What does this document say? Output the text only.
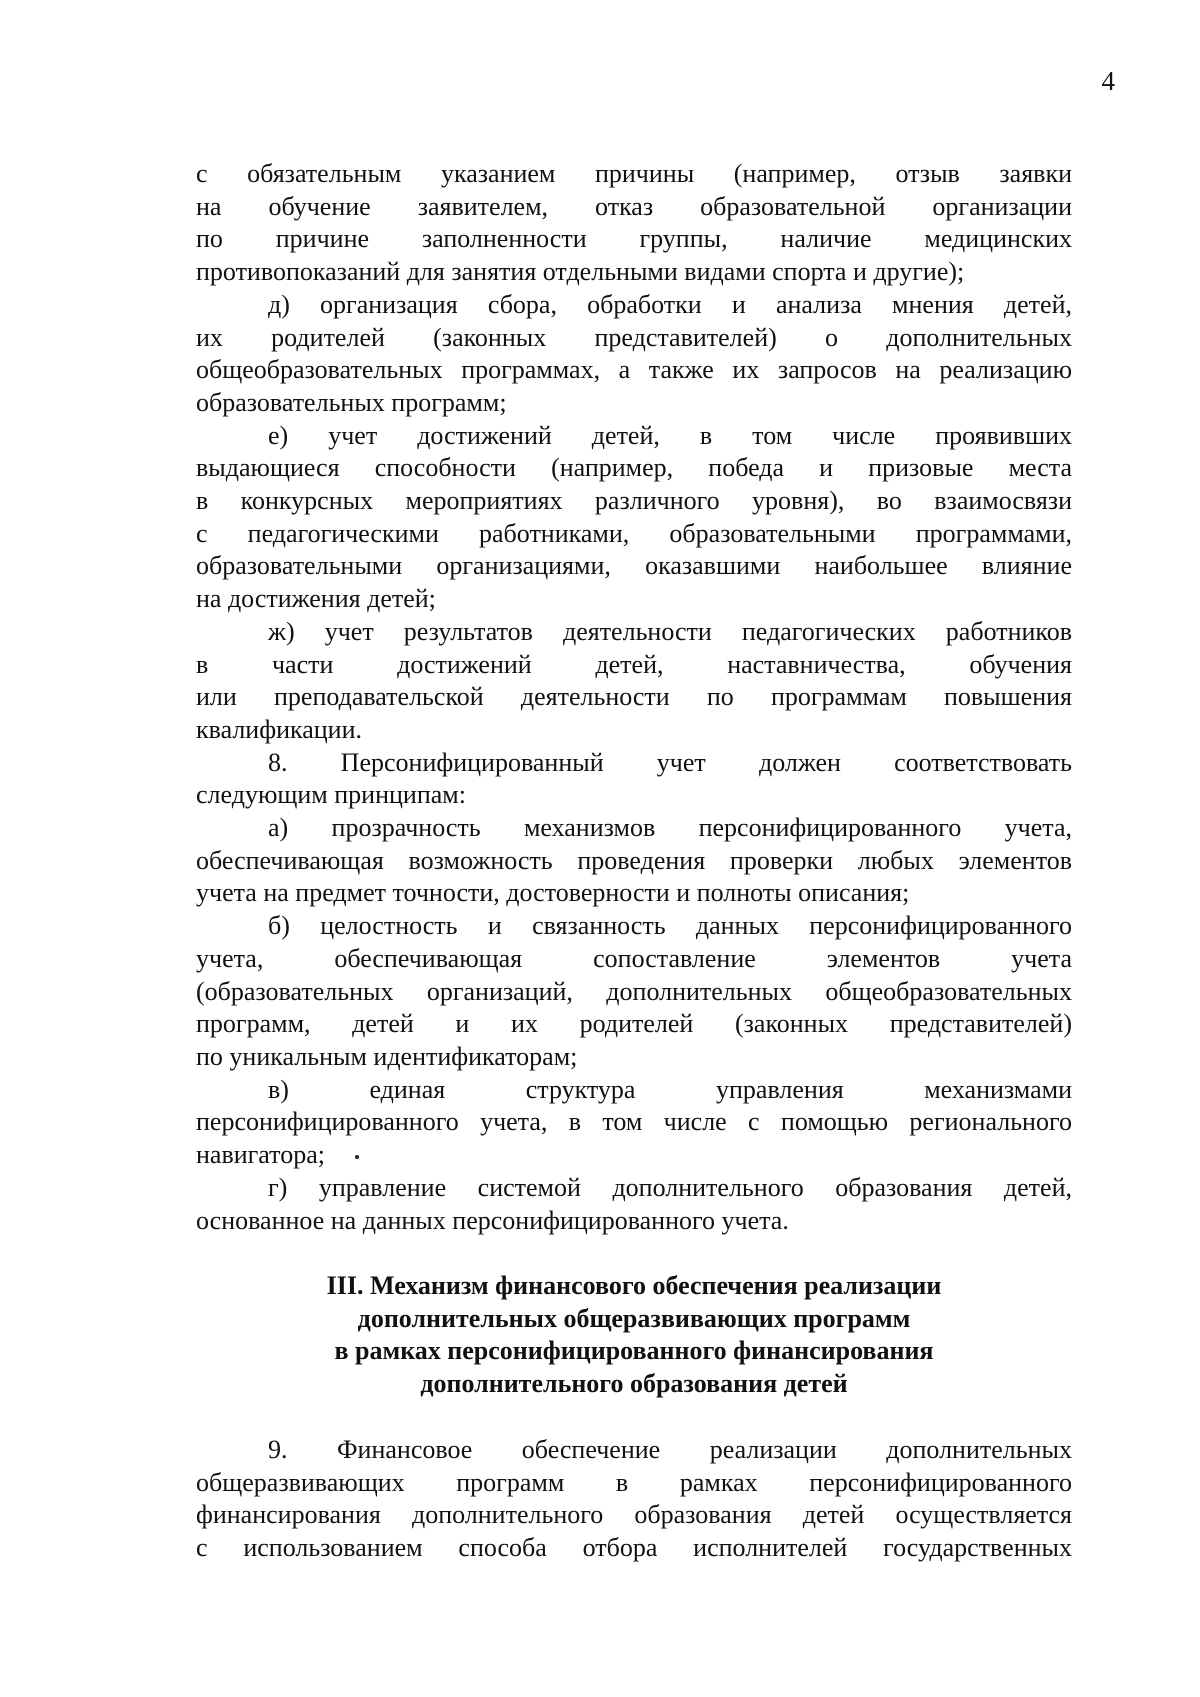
4
с обязательным указанием причины (например, отзыв заявки
на обучение заявителем, отказ образовательной организации
по причине заполненности группы, наличие медицинских
противопоказаний для занятия отдельными видами спорта и другие);
д) организация сбора, обработки и анализа мнения детей,
их родителей (законных представителей) о дополнительных
общеобразовательных программах, а также их запросов на реализацию
образовательных программ;
е) учет достижений детей, в том числе проявивших
выдающиеся способности (например, победа и призовые места
в конкурсных мероприятиях различного уровня), во взаимосвязи
с педагогическими работниками, образовательными программами,
образовательными организациями, оказавшими наибольшее влияние
на достижения детей;
ж) учет результатов деятельности педагогических работников
в части достижений детей, наставничества, обучения
или преподавательской деятельности по программам повышения
квалификации.
8. Персонифицированный учет должен соответствовать
следующим принципам:
а) прозрачность механизмов персонифицированного учета,
обеспечивающая возможность проведения проверки любых элементов
учета на предмет точности, достоверности и полноты описания;
б) целостность и связанность данных персонифицированного
учета, обеспечивающая сопоставление элементов учета
(образовательных организаций, дополнительных общеобразовательных
программ, детей и их родителей (законных представителей)
по уникальным идентификаторам;
в) единая структура управления механизмами
персонифицированного учета, в том числе с помощью регионального
навигатора;
г) управление системой дополнительного образования детей,
основанное на данных персонифицированного учета.
III. Механизм финансового обеспечения реализации
дополнительных общеразвивающих программ
в рамках персонифицированного финансирования
дополнительного образования детей
9. Финансовое обеспечение реализации дополнительных
общеразвивающих программ в рамках персонифицированного
финансирования дополнительного образования детей осуществляется
с использованием способа отбора исполнителей государственных
